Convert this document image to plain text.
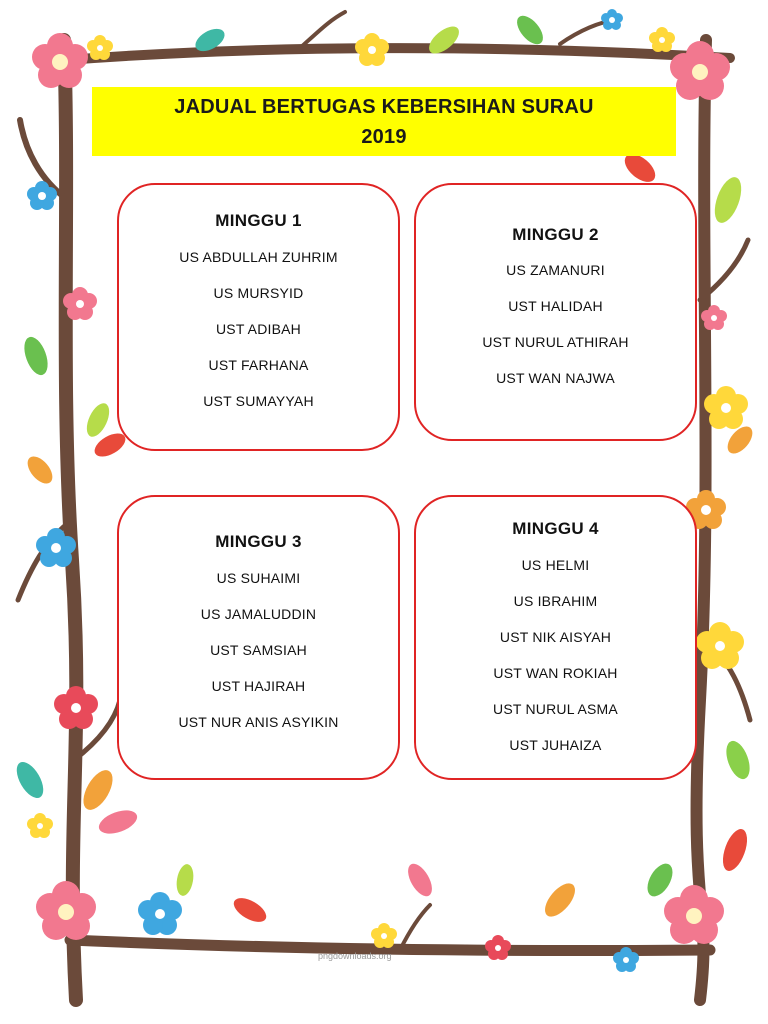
JADUAL BERTUGAS KEBERSIHAN SURAU
2019
MINGGU 1
US ABDULLAH ZUHRIM
US MURSYID
UST ADIBAH
UST FARHANA
UST SUMAYYAH
MINGGU 2
US ZAMANURI
UST HALIDAH
UST NURUL ATHIRAH
UST WAN NAJWA
MINGGU 3
US SUHAIMI
US JAMALUDDIN
UST SAMSIAH
UST HAJIRAH
UST NUR ANIS ASYIKIN
MINGGU 4
US HELMI
US IBRAHIM
UST NIK AISYAH
UST WAN ROKIAH
UST NURUL ASMA
UST JUHAIZA
pngdownloads.org
